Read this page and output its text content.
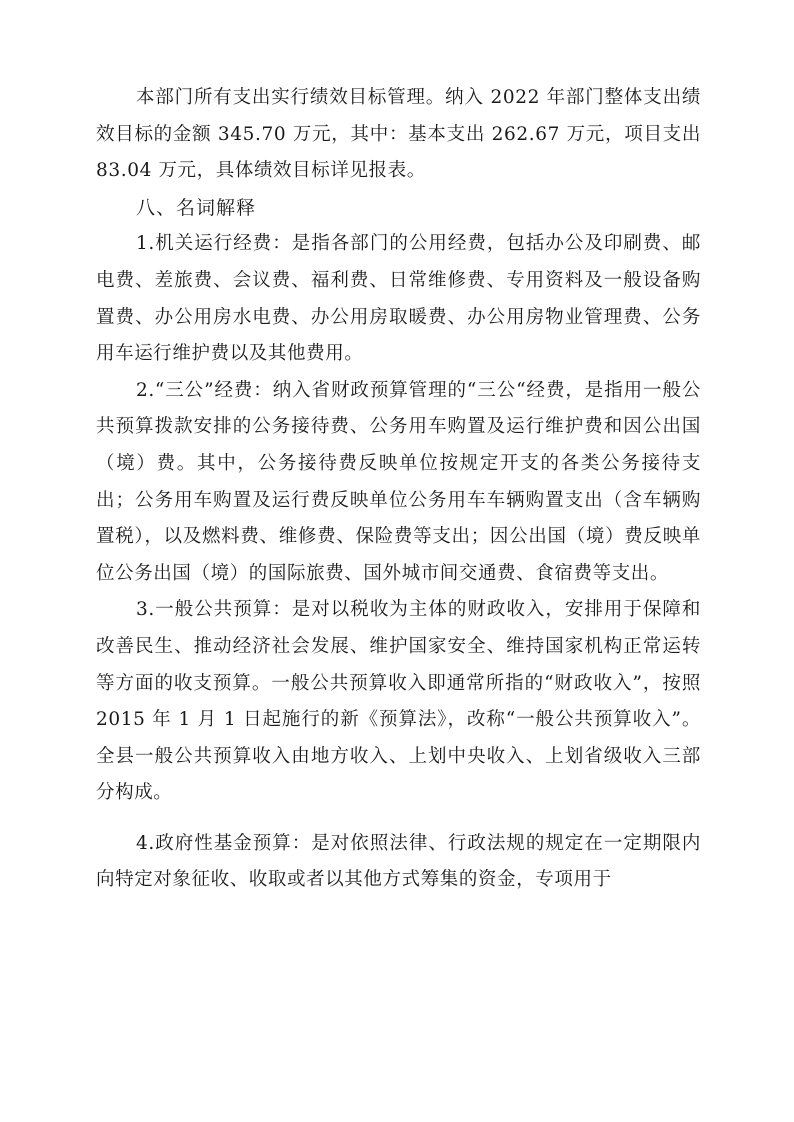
本部门所有支出实行绩效目标管理。纳入 2022 年部门整体支出绩效目标的金额 345.70 万元，其中：基本支出 262.67 万元，项目支出 83.04 万元，具体绩效目标详见报表。

八、名词解释

1.机关运行经费：是指各部门的公用经费，包括办公及印刷费、邮电费、差旅费、会议费、福利费、日常维修费、专用资料及一般设备购置费、办公用房水电费、办公用房取暖费、办公用房物业管理费、公务用车运行维护费以及其他费用。

2.“三公”经费：纳入省财政预算管理的“三公“经费，是指用一般公共预算拨款安排的公务接待费、公务用车购置及运行维护费和因公出国（境）费。其中，公务接待费反映单位按规定开支的各类公务接待支出；公务用车购置及运行费反映单位公务用车车辆购置支出（含车辆购置税），以及燃料费、维修费、保险费等支出；因公出国（境）费反映单位公务出国（境）的国际旅费、国外城市间交通费、食宿费等支出。

3.一般公共预算：是对以税收为主体的财政收入，安排用于保障和改善民生、推动经济社会发展、维护国家安全、维持国家机构正常运转等方面的收支预算。一般公共预算收入即通常所指的“财政收入”，按照 2015 年 1 月 1 日起施行的新《预算法》，改称“一般公共预算收入”。全县一般公共预算收入由地方收入、上划中央收入、上划省级收入三部分构成。

4.政府性基金预算：是对依照法律、行政法规的规定在一定期限内向特定对象征收、收取或者以其他方式筹集的资金，专项用于
